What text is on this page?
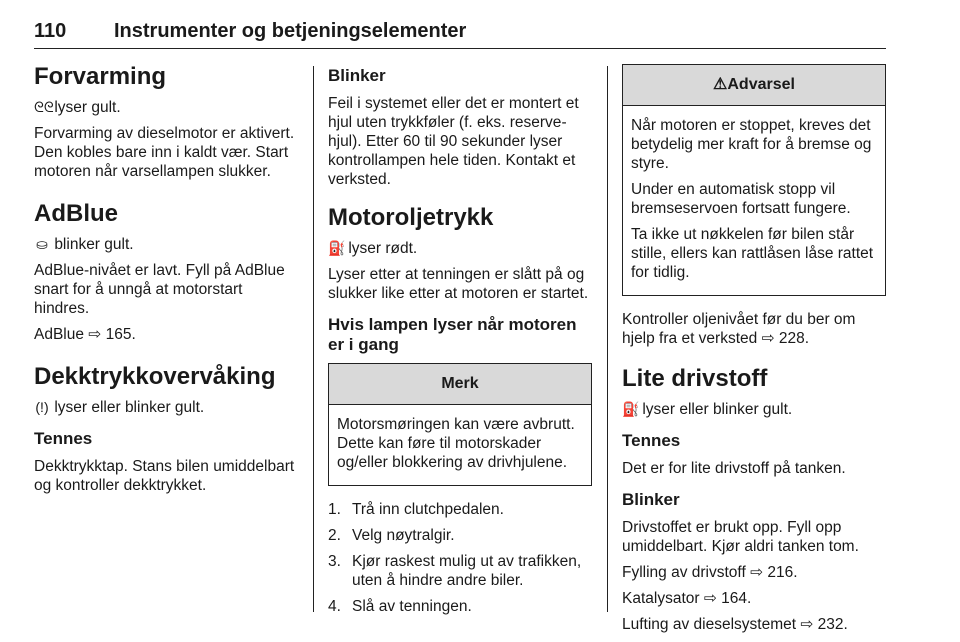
110 Instrumenter og betjeningselementer
Forvarming

ᘓᘓ lyser gult.

Forvarming av dieselmotor er aktivert. Den kobles bare inn i kaldt vær. Start motoren når varsellampen slukker.

AdBlue

⛀ blinker gult.

AdBlue-nivået er lavt. Fyll på AdBlue snart for å unngå at motorstart hindres.

AdBlue ⇨ 165.

Dekktrykkovervåking

(!) lyser eller blinker gult.

Tennes

Dekktrykktap. Stans bilen umiddelbart og kontroller dekktrykket.

Blinker

Feil i systemet eller det er montert et hjul uten trykkføler (f. eks. reservehjul). Etter 60 til 90 sekunder lyser kontrollampen hele tiden. Kontakt et verksted.

Motoroljetrykk

⛽ lyser rødt.

Lyser etter at tenningen er slått på og slukker like etter at motoren er startet.

Hvis lampen lyser når motoren er i gang
Merk

Motorsmøringen kan være avbrutt. Dette kan føre til motorskader og/eller blokkering av drivhjulene.

1. Trå inn clutchpedalen.
2. Velg nøytralgir.
3. Kjør raskest mulig ut av trafikken, uten å hindre andre biler.
4. Slå av tenningen.
⚠Advarsel

Når motoren er stoppet, kreves det betydelig mer kraft for å bremse og styre.

Under en automatisk stopp vil bremseservoen fortsatt fungere.

Ta ikke ut nøkkelen før bilen står stille, ellers kan rattlåsen låse rattet for tidlig.

Kontroller oljenivået før du ber om hjelp fra et verksted ⇨ 228.

Lite drivstoff

⛽ lyser eller blinker gult.

Tennes

Det er for lite drivstoff på tanken.

Blinker

Drivstoffet er brukt opp. Fyll opp umiddelbart. Kjør aldri tanken tom.

Fylling av drivstoff ⇨ 216.

Katalysator ⇨ 164.

Lufting av dieselsystemet ⇨ 232.
